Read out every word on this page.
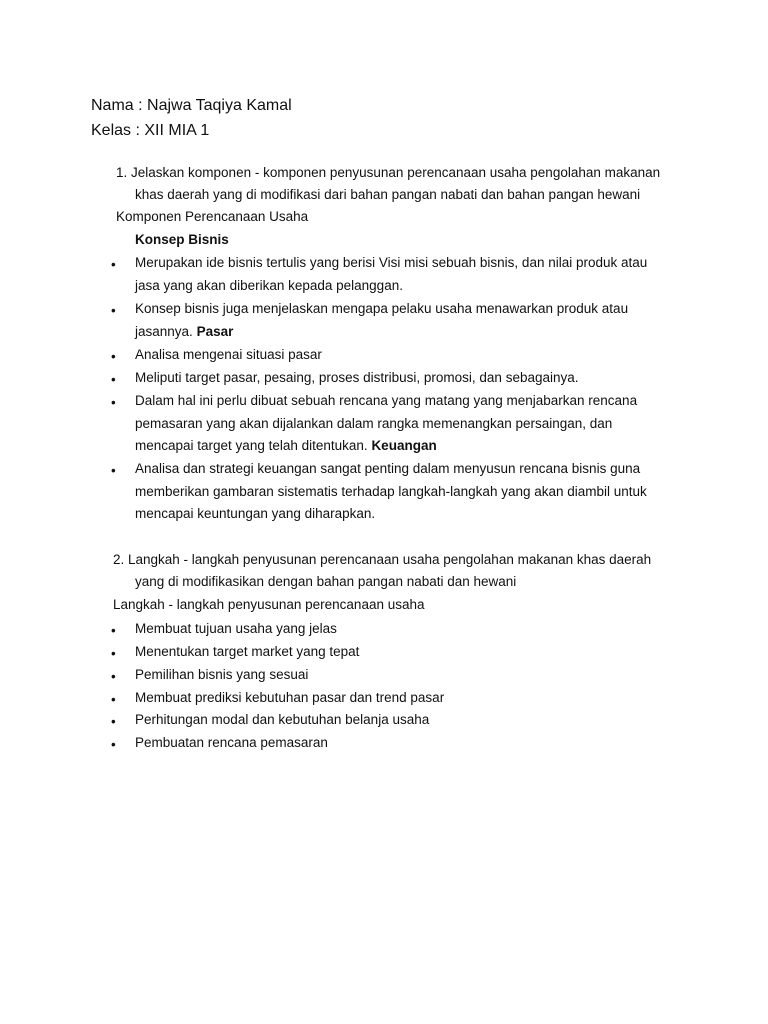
Nama : Najwa Taqiya Kamal
Kelas : XII MIA 1
1. Jelaskan komponen - komponen penyusunan perencanaan usaha pengolahan makanan
khas daerah yang di modifikasi dari bahan pangan nabati dan bahan pangan hewani
Komponen Perencanaan Usaha
Konsep Bisnis
• Merupakan ide bisnis tertulis yang berisi Visi misi sebuah bisnis, dan nilai produk atau
jasa yang akan diberikan kepada pelanggan.
• Konsep bisnis juga menjelaskan mengapa pelaku usaha menawarkan produk atau
jasannya. Pasar
• Analisa mengenai situasi pasar
• Meliputi target pasar, pesaing, proses distribusi, promosi, dan sebagainya.
• Dalam hal ini perlu dibuat sebuah rencana yang matang yang menjabarkan rencana
pemasaran yang akan dijalankan dalam rangka memenangkan persaingan, dan
mencapai target yang telah ditentukan. Keuangan
• Analisa dan strategi keuangan sangat penting dalam menyusun rencana bisnis guna
memberikan gambaran sistematis terhadap langkah-langkah yang akan diambil untuk
mencapai keuntungan yang diharapkan.
2. Langkah - langkah penyusunan perencanaan usaha pengolahan makanan khas daerah
yang di modifikasikan dengan bahan pangan nabati dan hewani
Langkah - langkah penyusunan perencanaan usaha
• Membuat tujuan usaha yang jelas
• Menentukan target market yang tepat
• Pemilihan bisnis yang sesuai
• Membuat prediksi kebutuhan pasar dan trend pasar
• Perhitungan modal dan kebutuhan belanja usaha
• Pembuatan rencana pemasaran
